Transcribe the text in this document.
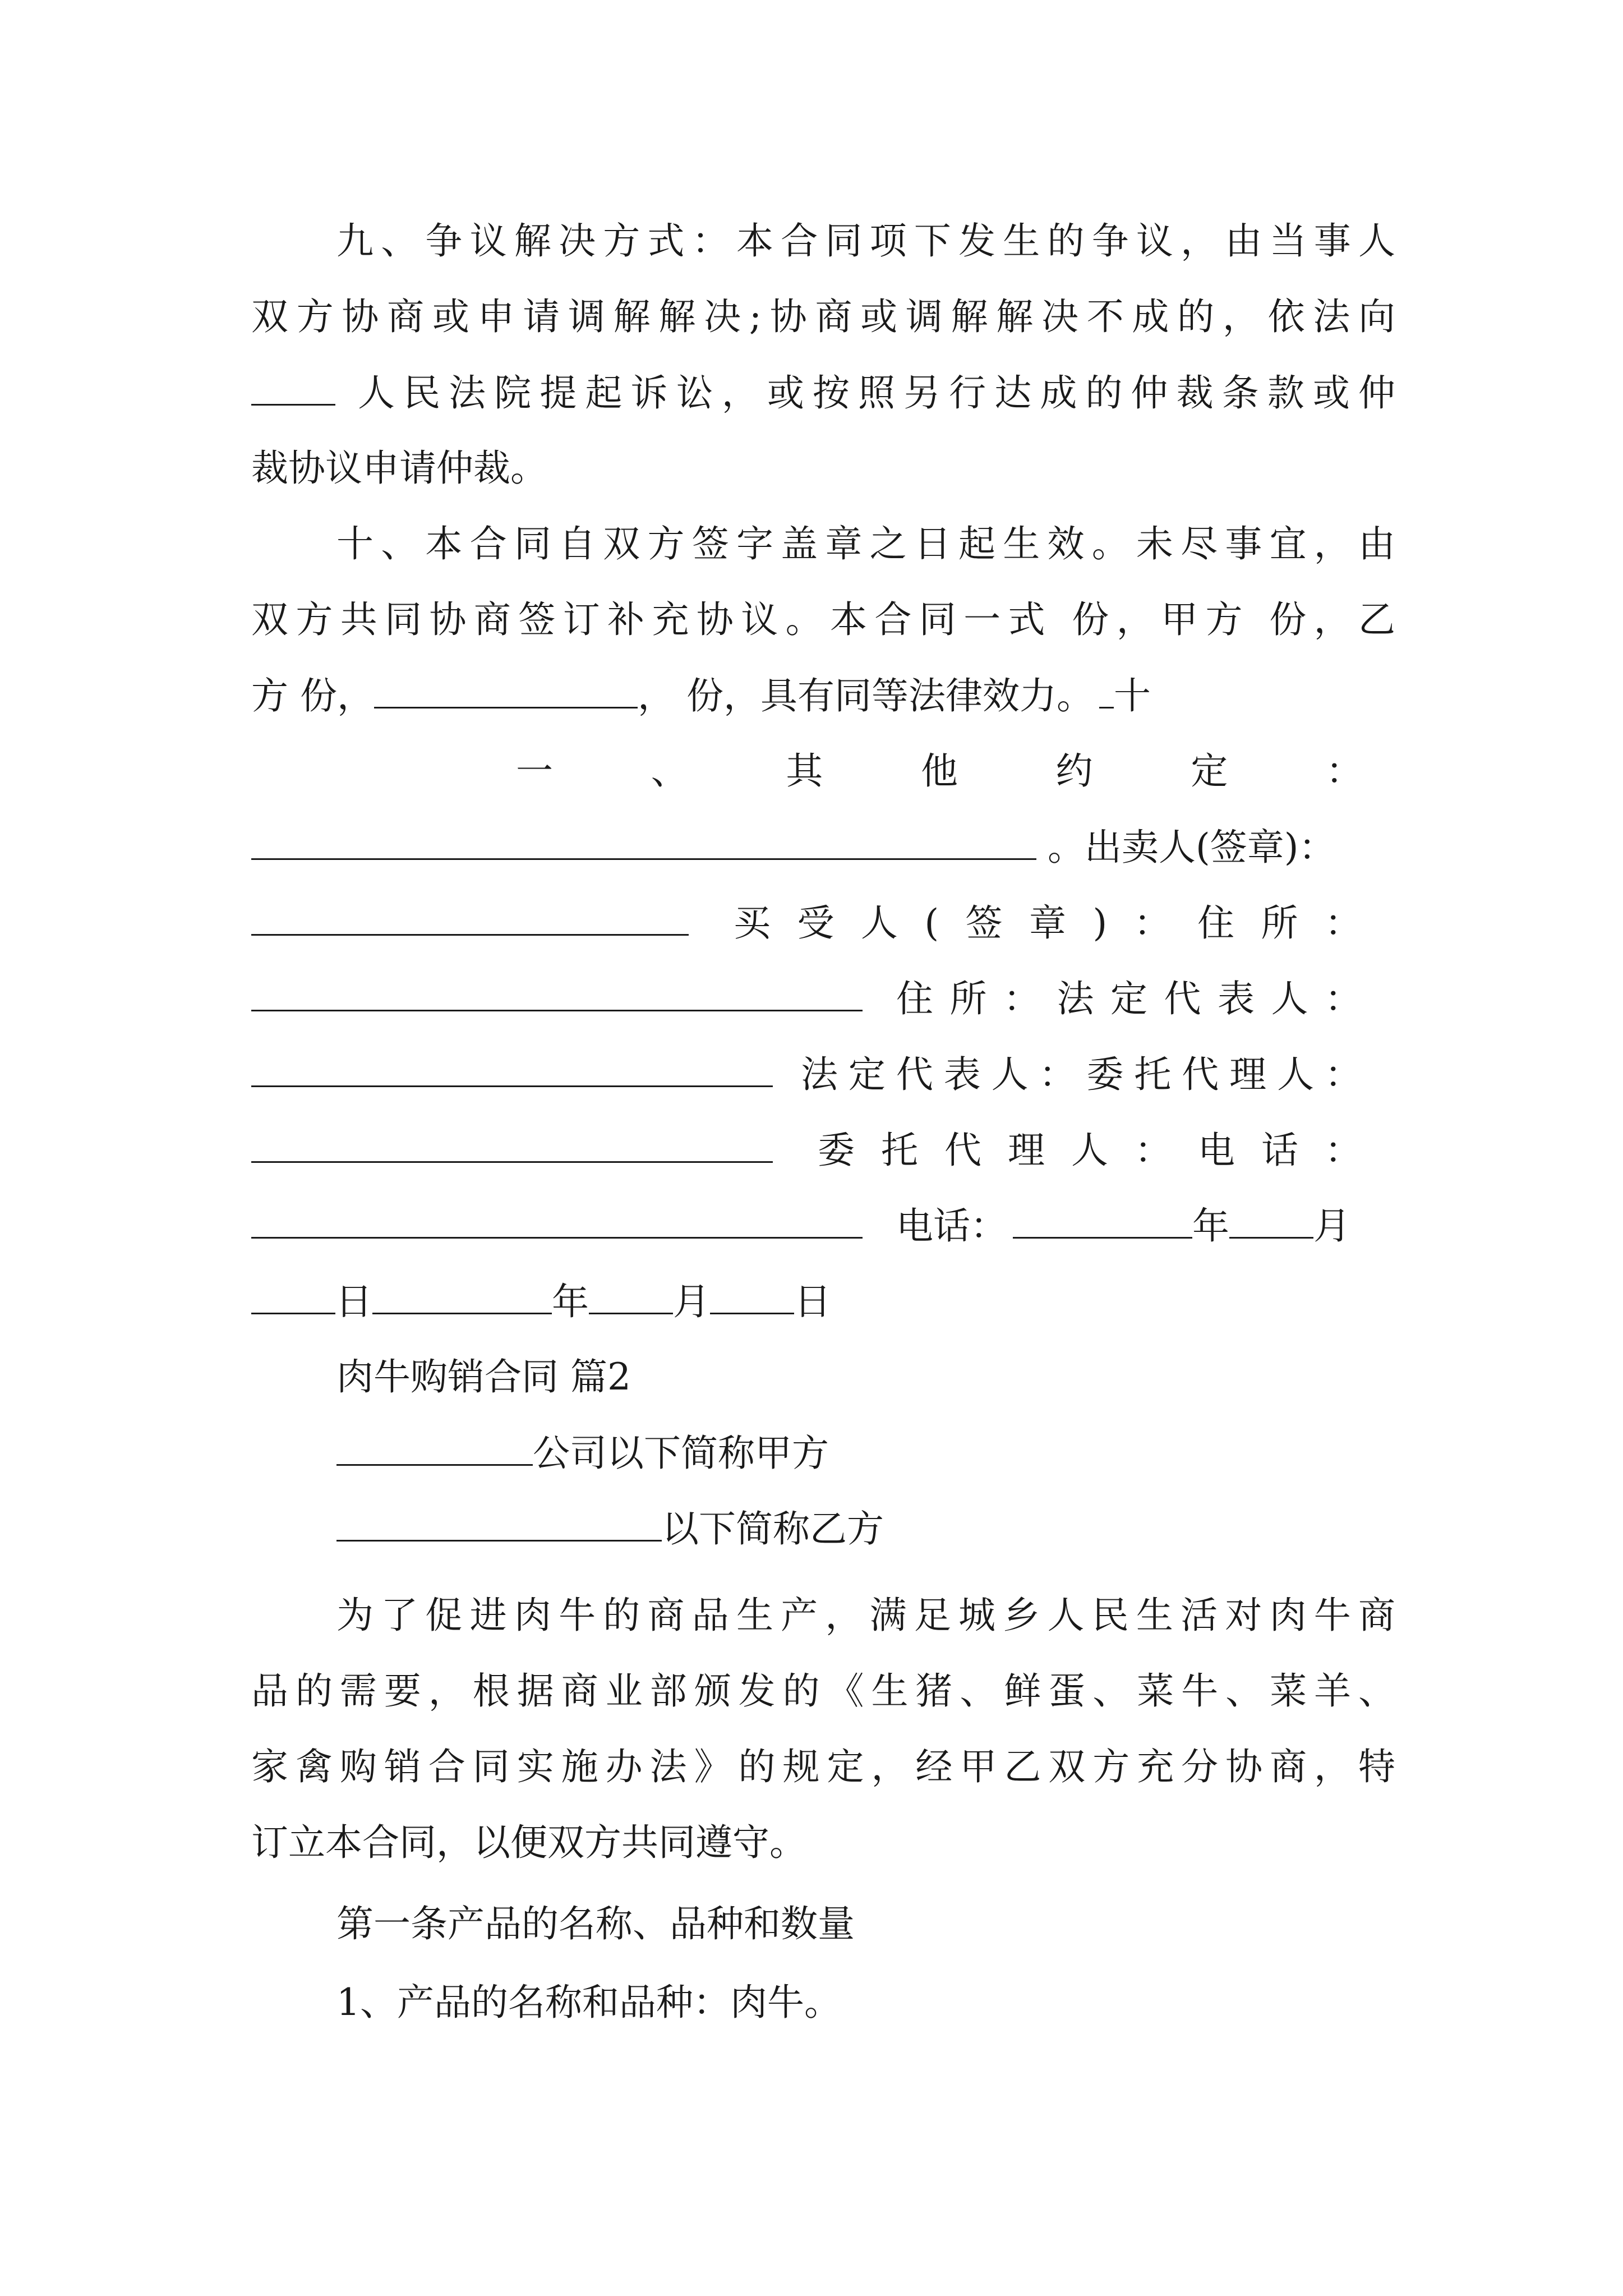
九、争议解决方式：本合同项下发生的争议，由当事人
双方协商或申请调解解决;协商或调解解决不成的，依法向
人民法院提起诉讼，或按照另行达成的仲裁条款或仲
裁协议申请仲裁。
十、本合同自双方签字盖章之日起生效。未尽事宜，由
双方共同协商签订补充协议。本合同一式 份，甲方 份，乙
方 份，	， 份，具有同等法律效力。 十
一 、 其 他 约 定 ：
。出卖人(签章)：
买受人(签章)：住所：
住所：法定代表人：
法定代表人：委托代理人：
委托代理人：电话：
电话：	年 月
日	年 月 日
肉牛购销合同 篇2
公司以下简称甲方
以下简称乙方
为了促进肉牛的商品生产，满足城乡人民生活对肉牛商
品的需要，根据商业部颁发的《生猪、鲜蛋、菜牛、菜羊、
家禽购销合同实施办法》的规定，经甲乙双方充分协商，特
订立本合同，以便双方共同遵守。
第一条产品的名称、品种和数量
1、产品的名称和品种：肉牛。
